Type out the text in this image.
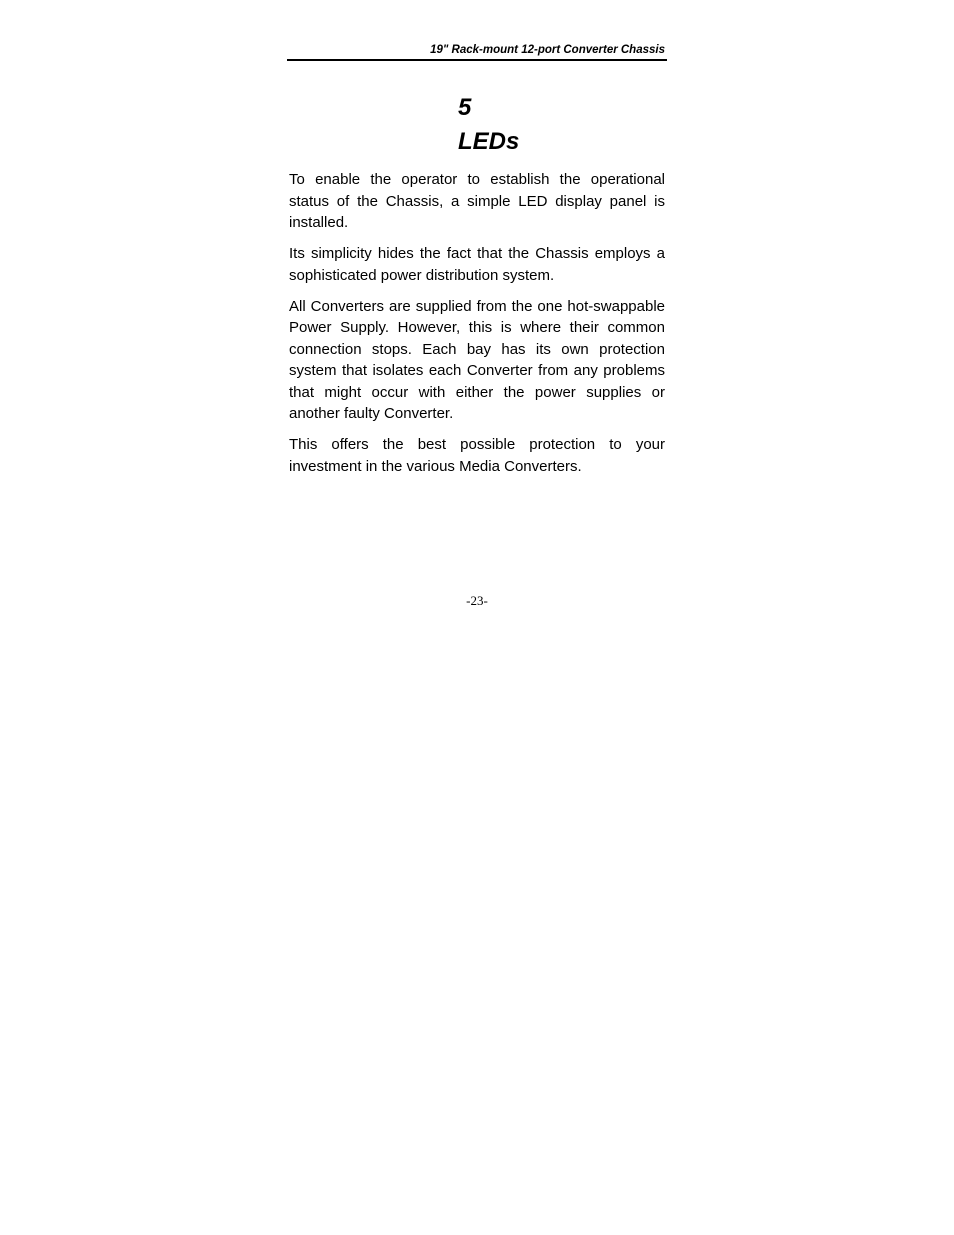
19" Rack-mount 12-port Converter Chassis
5
LEDs

To enable the operator to establish the operational status of the Chassis, a simple LED display panel is installed.

Its simplicity hides the fact that the Chassis employs a sophisticated power distribution system.

All Converters are supplied from the one hot-swappable Power Supply. However, this is where their common connection stops. Each bay has its own protection system that isolates each Converter from any problems that might occur with either the power supplies or another faulty Converter.

This offers the best possible protection to your investment in the various Media Converters.

-23-
